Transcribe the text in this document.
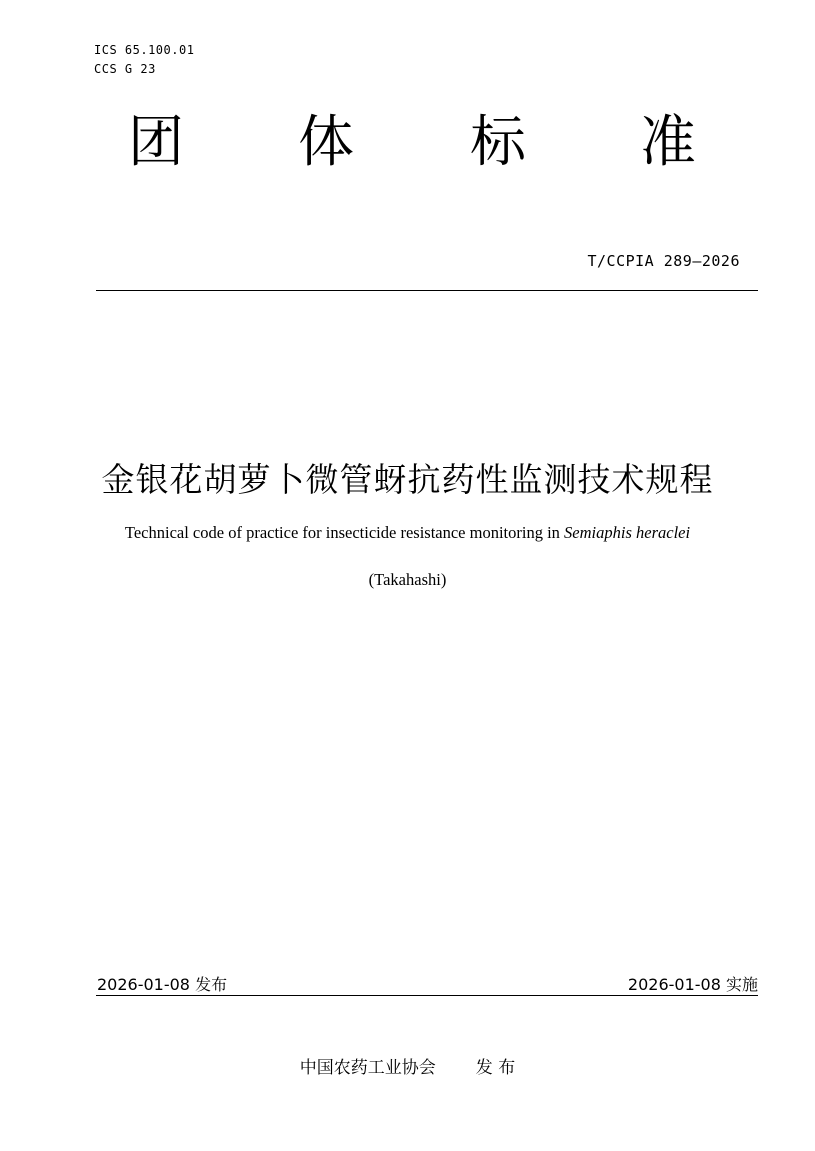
ICS 65.100.01
CCS G 23
团 体 标 准
T/CCPIA 289—2026
金银花胡萝卜微管蚜抗药性监测技术规程
Technical code of practice for insecticide resistance monitoring in Semiaphis heraclei
(Takahashi)
2026-01-08 发布	2026-01-08 实施
中国农药工业协会 发 布
